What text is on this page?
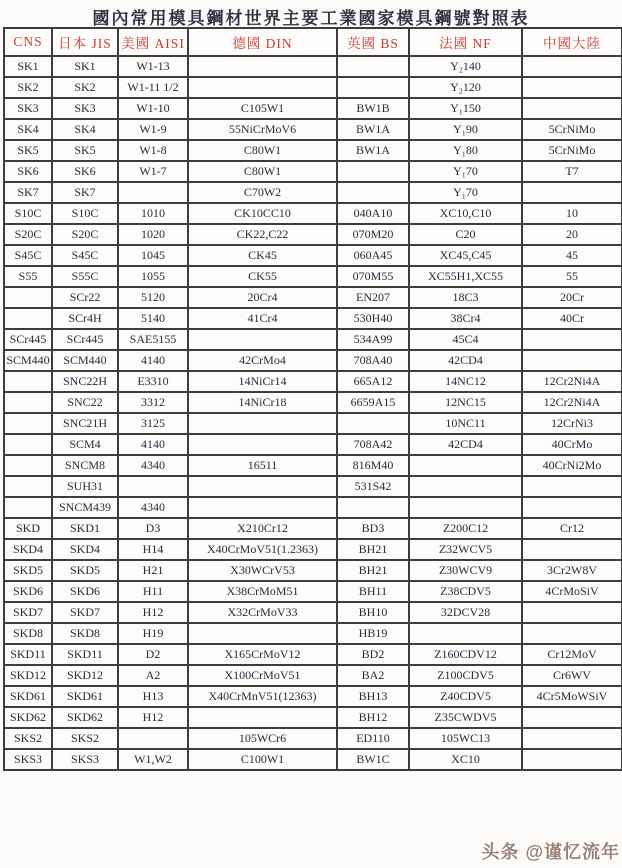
國內常用模具鋼材世界主要工業國家模具鋼號對照表
CNS	日本 JIS	美國 AISI	德國 DIN	英國 BS	法國 NF	中國大陸
SK1	SK1	W1-13			Y₂140	
SK2	SK2	W1-11 1/2			Y₂120	
SK3	SK3	W1-10	C105W1	BW1B	Y₁150	
SK4	SK4	W1-9	55NiCrMoV6	BW1A	Y₁90	5CrNiMo
SK5	SK5	W1-8	C80W1	BW1A	Y₁80	5CrNiMo
SK6	SK6	W1-7	C80W1		Y₁70	T7
SK7	SK7		C70W2		Y₁70	
S10C	S10C	1010	CK10CC10	040A10	XC10,C10	10
S20C	S20C	1020	CK22,C22	070M20	C20	20
S45C	S45C	1045	CK45	060A45	XC45,C45	45
S55	S55C	1055	CK55	070M55	XC55H1,XC55	55
	SCr22	5120	20Cr4	EN207	18C3	20Cr
	SCr4H	5140	41Cr4	530H40	38Cr4	40Cr
SCr445	SCr445	SAE5155		534A99	45C4	
SCM440	SCM440	4140	42CrMo4	708A40	42CD4	
	SNC22H	E3310	14NiCr14	665A12	14NC12	12Cr2Ni4A
	SNC22	3312	14NiCr18	6659A15	12NC15	12Cr2Ni4A
	SNC21H	3125			10NC11	12CrNi3
	SCM4	4140		708A42	42CD4	40CrMo
	SNCM8	4340	16511	816M40		40CrNi2Mo
	SUH31			531S42		
	SNCM439	4340				
SKD	SKD1	D3	X210Cr12	BD3	Z200C12	Cr12
SKD4	SKD4	H14	X40CrMoV51(1.2363)	BH21	Z32WCV5	
SKD5	SKD5	H21	X30WCrV53	BH21	Z30WCV9	3Cr2W8V
SKD6	SKD6	H11	X38CrMoM51	BH11	Z38CDV5	4CrMoSiV
SKD7	SKD7	H12	X32CrMoV33	BH10	32DCV28	
SKD8	SKD8	H19		HB19		
SKD11	SKD11	D2	X165CrMoV12	BD2	Z160CDV12	Cr12MoV
SKD12	SKD12	A2	X100CrMoV51	BA2	Z100CDV5	Cr6WV
SKD61	SKD61	H13	X40CrMnV51(12363)	BH13	Z40CDV5	4Cr5MoWSiV
SKD62	SKD62	H12		BH12	Z35CWDV5	
SKS2	SKS2		105WCr6	ED110	105WC13	
SKS3	SKS3	W1,W2	C100W1	BW1C	XC10	
头条 @谨忆流年
